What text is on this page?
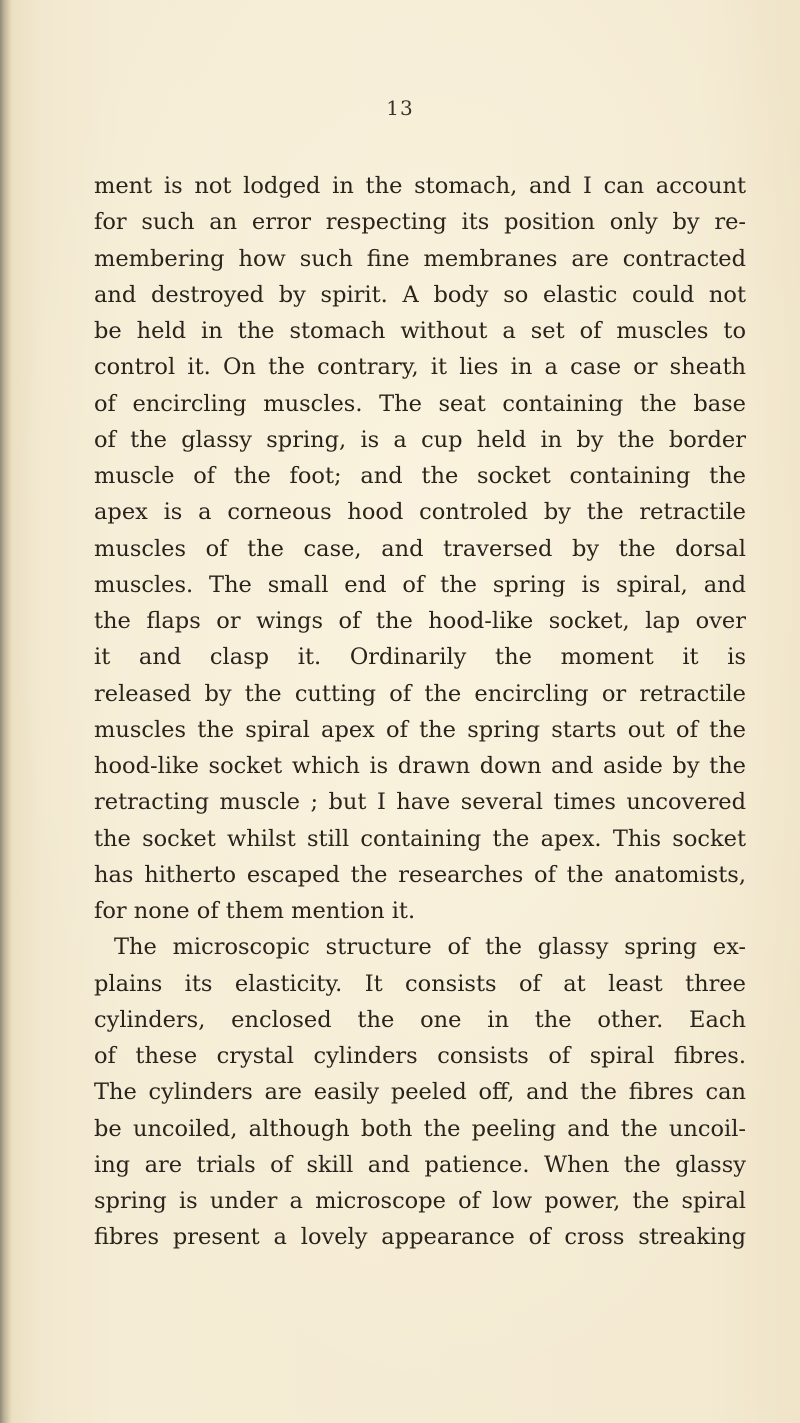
13
ment is not lodged in the stomach, and I can account
for such an error respecting its position only by re-
membering how such fine membranes are contracted
and destroyed by spirit. A body so elastic could not
be held in the stomach without a set of muscles to
control it. On the contrary, it lies in a case or sheath
of encircling muscles. The seat containing the base
of the glassy spring, is a cup held in by the border
muscle of the foot; and the socket containing the
apex is a corneous hood controled by the retractile
muscles of the case, and traversed by the dorsal
muscles. The small end of the spring is spiral, and
the flaps or wings of the hood-like socket, lap over
it and clasp it. Ordinarily the moment it is
released by the cutting of the encircling or retractile
muscles the spiral apex of the spring starts out of the
hood-like socket which is drawn down and aside by the
retracting muscle ; but I have several times uncovered
the socket whilst still containing the apex. This socket
has hitherto escaped the researches of the anatomists,
for none of them mention it.
The microscopic structure of the glassy spring ex-
plains its elasticity. It consists of at least three
cylinders, enclosed the one in the other. Each
of these crystal cylinders consists of spiral fibres.
The cylinders are easily peeled off, and the fibres can
be uncoiled, although both the peeling and the uncoil-
ing are trials of skill and patience. When the glassy
spring is under a microscope of low power, the spiral
fibres present a lovely appearance of cross streaking
